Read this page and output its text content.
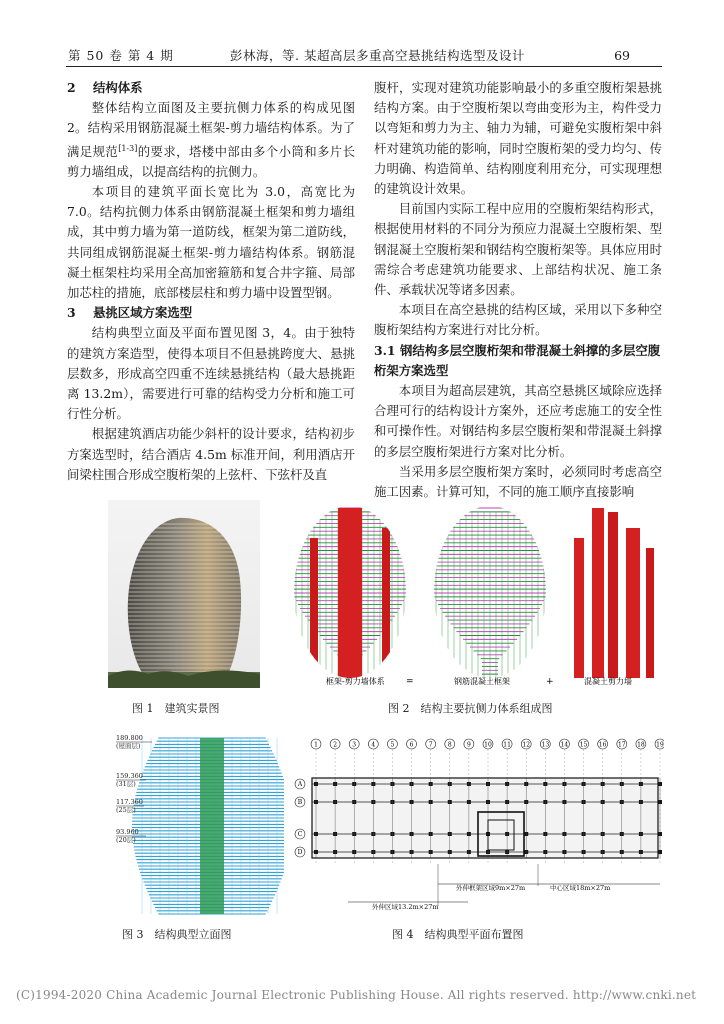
第 50 卷 第 4 期	彭林海，等. 某超高层多重高空悬挑结构选型及设计	69
2 结构体系

整体结构立面图及主要抗侧力体系的构成见图 2。结构采用钢筋混凝土框架-剪力墙结构体系。为了满足规范[1-3]的要求，塔楼中部由多个小筒和多片长剪力墙组成，以提高结构的抗侧力。

本项目的建筑平面长宽比为 3.0，高宽比为 7.0。结构抗侧力体系由钢筋混凝土框架和剪力墙组成，其中剪力墙为第一道防线，框架为第二道防线，共同组成钢筋混凝土框架-剪力墙结构体系。钢筋混凝土框架柱均采用全高加密箍筋和复合井字箍、局部加芯柱的措施，底部楼层柱和剪力墙中设置型钢。

3 悬挑区域方案选型

结构典型立面及平面布置见图 3，4。由于独特的建筑方案造型，使得本项目不但悬挑跨度大、悬挑层数多，形成高空四重不连续悬挑结构（最大悬挑距离 13.2m），需要进行可靠的结构受力分析和施工可行性分析。

根据建筑酒店功能少斜杆的设计要求，结构初步方案选型时，结合酒店 4.5m 标准开间，利用酒店开间梁柱围合形成空腹桁架的上弦杆、下弦杆及直

腹杆，实现对建筑功能影响最小的多重空腹桁架悬挑结构方案。由于空腹桁架以弯曲变形为主，构件受力以弯矩和剪力为主、轴力为辅，可避免实腹桁架中斜杆对建筑功能的影响，同时空腹桁架的受力均匀、传力明确、构造简单、结构刚度利用充分，可实现理想的建筑设计效果。

目前国内实际工程中应用的空腹桁架结构形式，根据使用材料的不同分为预应力混凝土空腹桁架、型钢混凝土空腹桁架和钢结构空腹桁架等。具体应用时需综合考虑建筑功能要求、上部结构状况、施工条件、承载状况等诸多因素。

本项目在高空悬挑的结构区域，采用以下多种空腹桁架结构方案进行对比分析。

3.1 钢结构多层空腹桁架和带混凝土斜撑的多层空腹桁架方案选型

本项目为超高层建筑，其高空悬挑区域除应选择合理可行的结构设计方案外，还应考虑施工的安全性和可操作性。对钢结构多层空腹桁架和带混凝土斜撑的多层空腹桁架进行方案对比分析。

当采用多层空腹桁架方案时，必须同时考虑高空施工因素。计算可知，不同的施工顺序直接影响

图 1　建筑实景图
框架-剪力墙体系 =	钢筋混凝土框架	+	混凝土剪力墙
图 2　结构主要抗侧力体系组成图
189.800
(屋面层)
159.360
(31层)
117.360
(25层)
93.960
(20层)
图 3　结构典型立面图
1	2	3	4	5	6	7	8	9 10 11 12 13 14 15 16 17 18 19
A
B
C
D
外伸框架区域9m×27m	中心区域18m×27m
外伸区域13.2m×27m
图 4　结构典型平面布置图
(C)1994-2020 China Academic Journal Electronic Publishing House. All rights reserved. http://www.cnki.net
